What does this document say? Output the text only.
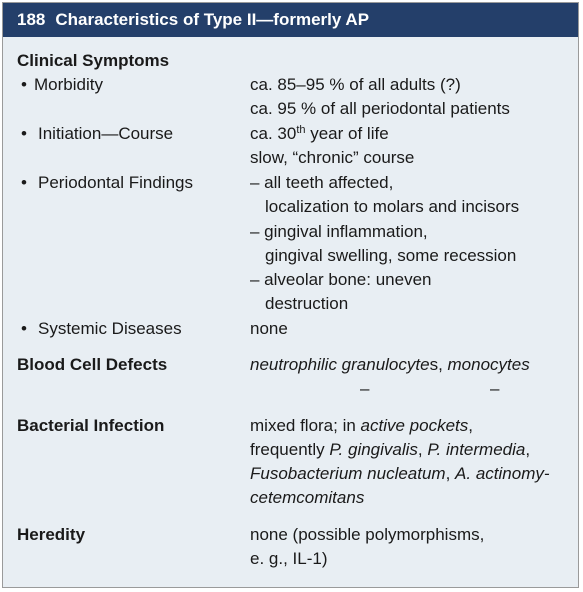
188 Characteristics of Type II—formerly AP
Clinical Symptoms
• Morbidity	ca. 85–95 % of all adults (?)
ca. 95 % of all periodontal patients
• Initiation—Course	ca. 30th year of life
slow, “chronic” course
• Periodontal Findings	– all teeth affected,
localization to molars and incisors
– gingival inflammation,
gingival swelling, some recession
– alveolar bone: uneven
destruction
• Systemic Diseases	none
Blood Cell Defects	neutrophilic granulocytes, monocytes
–	–
Bacterial Infection	mixed flora; in active pockets,
frequently P. gingivalis, P. intermedia,
Fusobacterium nucleatum, A. actinomy-
cetemcomitans
Heredity	none (possible polymorphisms,
e. g., IL-1)
